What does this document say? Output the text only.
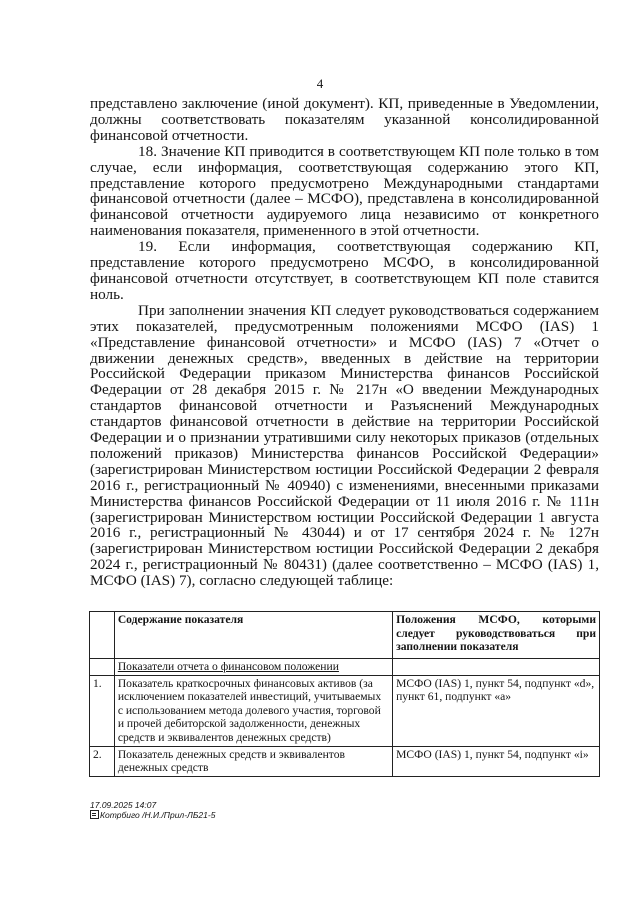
4

представлено заключение (иной документ). КП, приведенные в Уведомлении, должны соответствовать показателям указанной консолидированной финансовой отчетности.

18. Значение КП приводится в соответствующем КП поле только в том случае, если информация, соответствующая содержанию этого КП, представление которого предусмотрено Международными стандартами финансовой отчетности (далее – МСФО), представлена в консолидированной финансовой отчетности аудируемого лица независимо от конкретного наименования показателя, примененного в этой отчетности.

19. Если информация, соответствующая содержанию КП, представление которого предусмотрено МСФО, в консолидированной финансовой отчетности отсутствует, в соответствующем КП поле ставится ноль.

При заполнении значения КП следует руководствоваться содержанием этих показателей, предусмотренным положениями МСФО (IAS) 1 «Представление финансовой отчетности» и МСФО (IAS) 7 «Отчет о движении денежных средств», введенных в действие на территории Российской Федерации приказом Министерства финансов Российской Федерации от 28 декабря 2015 г. № 217н «О введении Международных стандартов финансовой отчетности и Разъяснений Международных стандартов финансовой отчетности в действие на территории Российской Федерации и о признании утратившими силу некоторых приказов (отдельных положений приказов) Министерства финансов Российской Федерации» (зарегистрирован Министерством юстиции Российской Федерации 2 февраля 2016 г., регистрационный № 40940) с изменениями, внесенными приказами Министерства финансов Российской Федерации от 11 июля 2016 г. № 111н (зарегистрирован Министерством юстиции Российской Федерации 1 августа 2016 г., регистрационный № 43044) и от 17 сентября 2024 г. № 127н (зарегистрирован Министерством юстиции Российской Федерации 2 декабря 2024 г., регистрационный № 80431) (далее соответственно – МСФО (IAS) 1, МСФО (IAS) 7), согласно следующей таблице:

	Содержание показателя	Положения МСФО, которыми следует руководствоваться при заполнении показателя
	Показатели отчета о финансовом положении	
1.	Показатель краткосрочных финансовых активов (за исключением показателей инвестиций, учитываемых с использованием метода долевого участия, торговой и прочей дебиторской задолженности, денежных средств и эквивалентов денежных средств)	МСФО (IAS) 1, пункт 54, подпункт «d», пункт 61, подпункт «а»
2.	Показатель денежных средств и эквивалентов денежных средств	МСФО (IAS) 1, пункт 54, подпункт «i»
17.09.2025 14:07
Котрбиго /Н.И./Прил-ЛБ21-5
